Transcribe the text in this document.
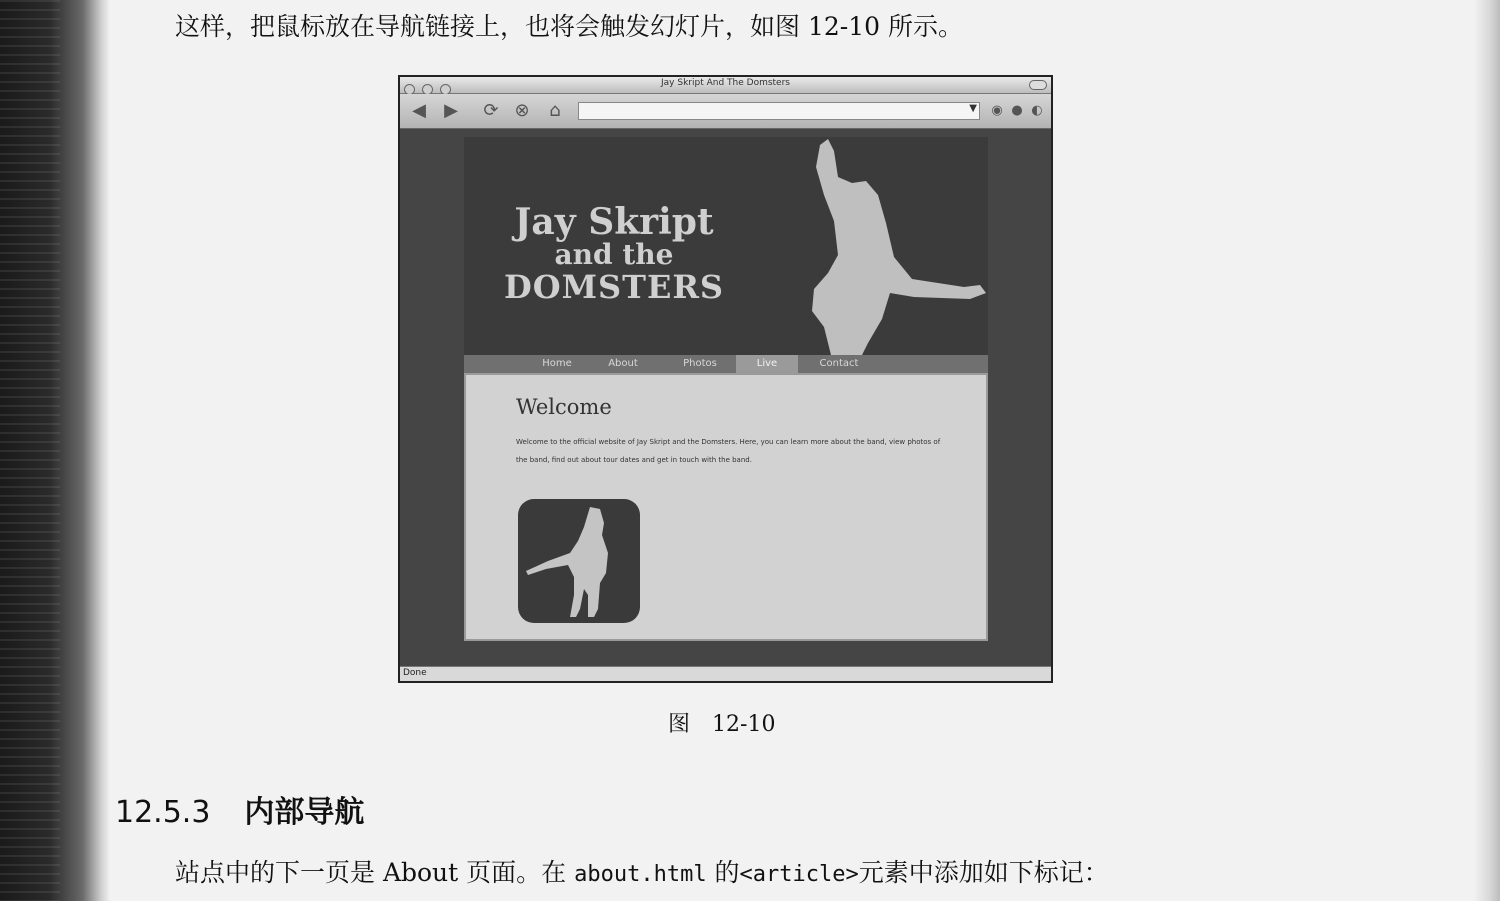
这样，把鼠标放在导航链接上，也将会触发幻灯片，如图 12-10 所示。

Jay Skript And The Domsters
◀ ▶ ⟳ ⊗ ⌂	▼	◉ ● ◐
Jay Skript
and the
DOMSTERS
Home	About	Photos	Live	Contact
Welcome
Welcome to the official website of Jay Skript and the Domsters. Here, you can learn more about the band, view photos of the band, find out about tour dates and get in touch with the band.
Done
图 12-10
12.5.3 内部导航
站点中的下一页是 About 页面。在 about.html 的<article>元素中添加如下标记：
